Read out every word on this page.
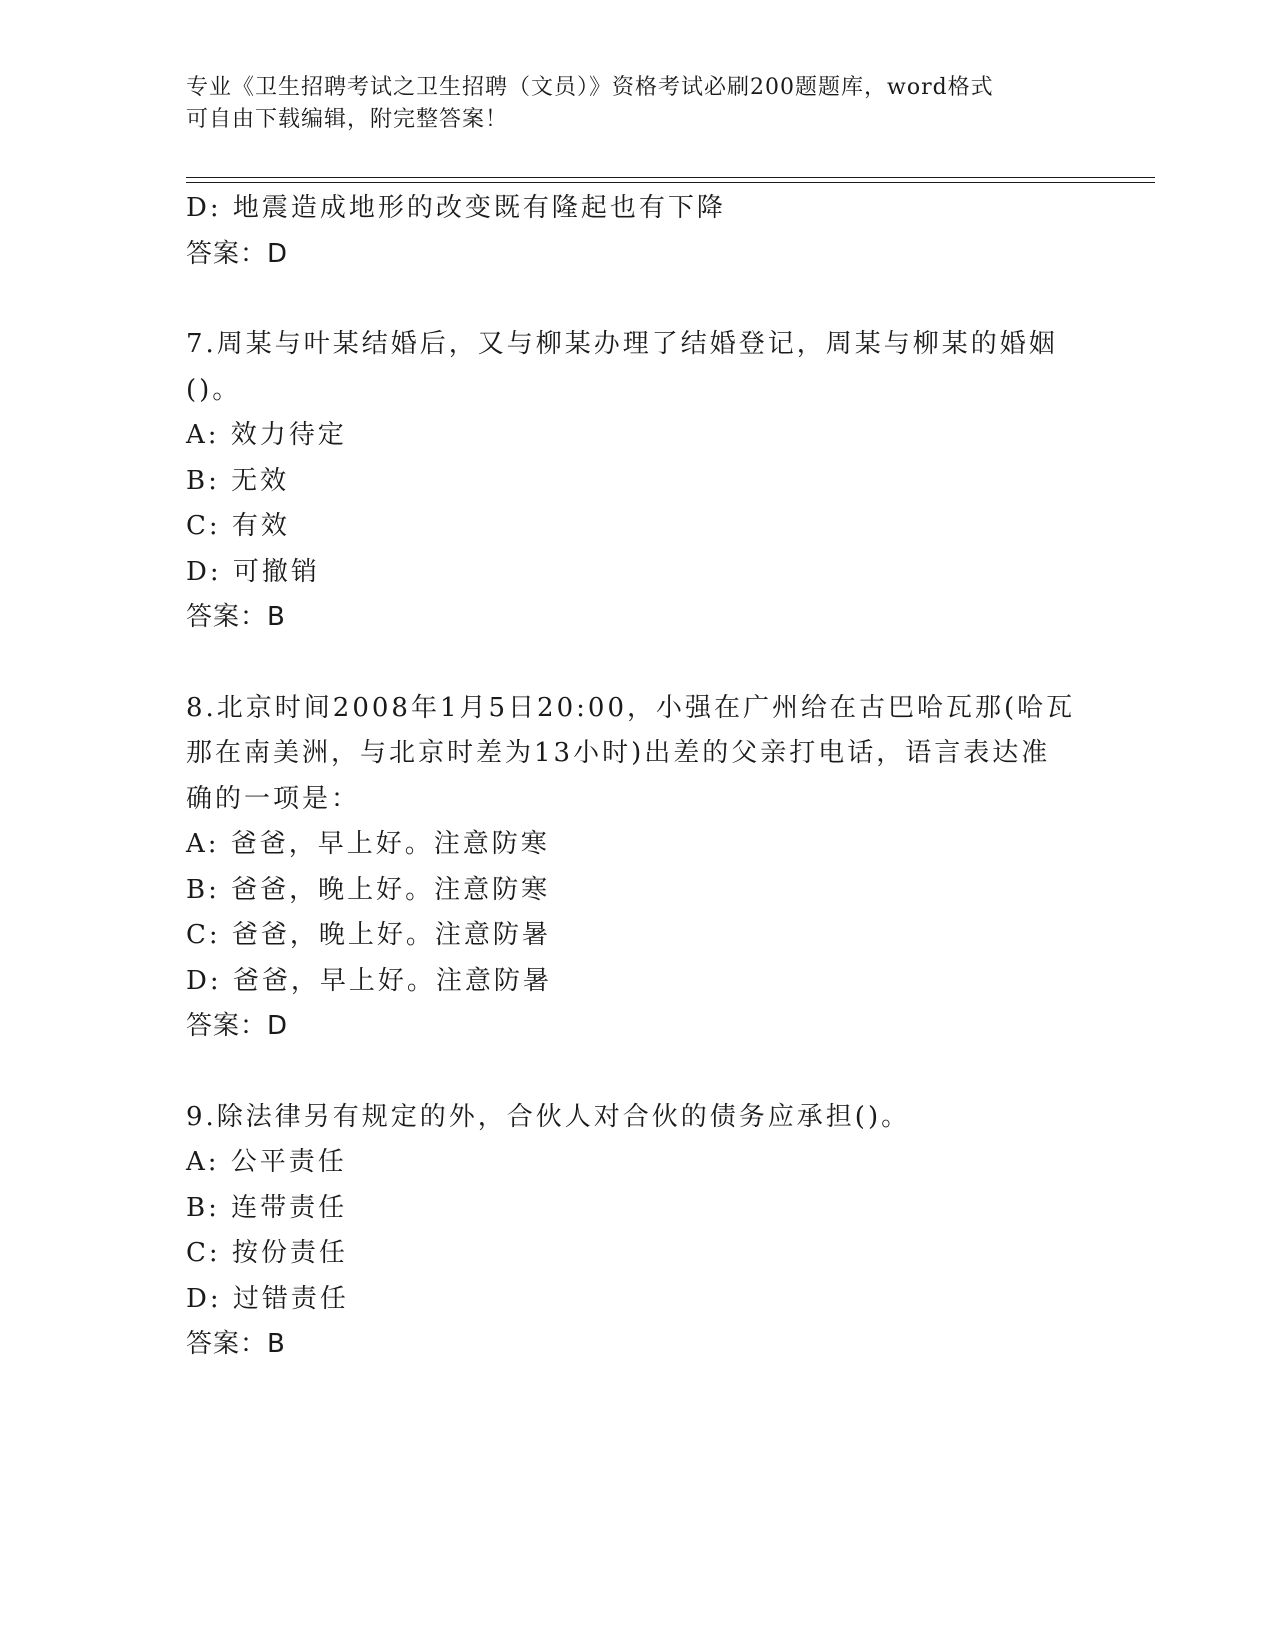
专业《卫生招聘考试之卫生招聘（文员）》资格考试必刷200题题库，word格式
可自由下载编辑，附完整答案！
D: 地震造成地形的改变既有隆起也有下降
答案：D
7.周某与叶某结婚后，又与柳某办理了结婚登记，周某与柳某的婚姻
()。
A: 效力待定
B: 无效
C: 有效
D: 可撤销
答案：B
8.北京时间2008年1月5日20:00，小强在广州给在古巴哈瓦那(哈瓦
那在南美洲，与北京时差为13小时)出差的父亲打电话，语言表达准
确的一项是：
A: 爸爸，早上好。注意防寒
B: 爸爸，晚上好。注意防寒
C: 爸爸，晚上好。注意防暑
D: 爸爸，早上好。注意防暑
答案：D
9.除法律另有规定的外，合伙人对合伙的债务应承担()。
A: 公平责任
B: 连带责任
C: 按份责任
D: 过错责任
答案：B
